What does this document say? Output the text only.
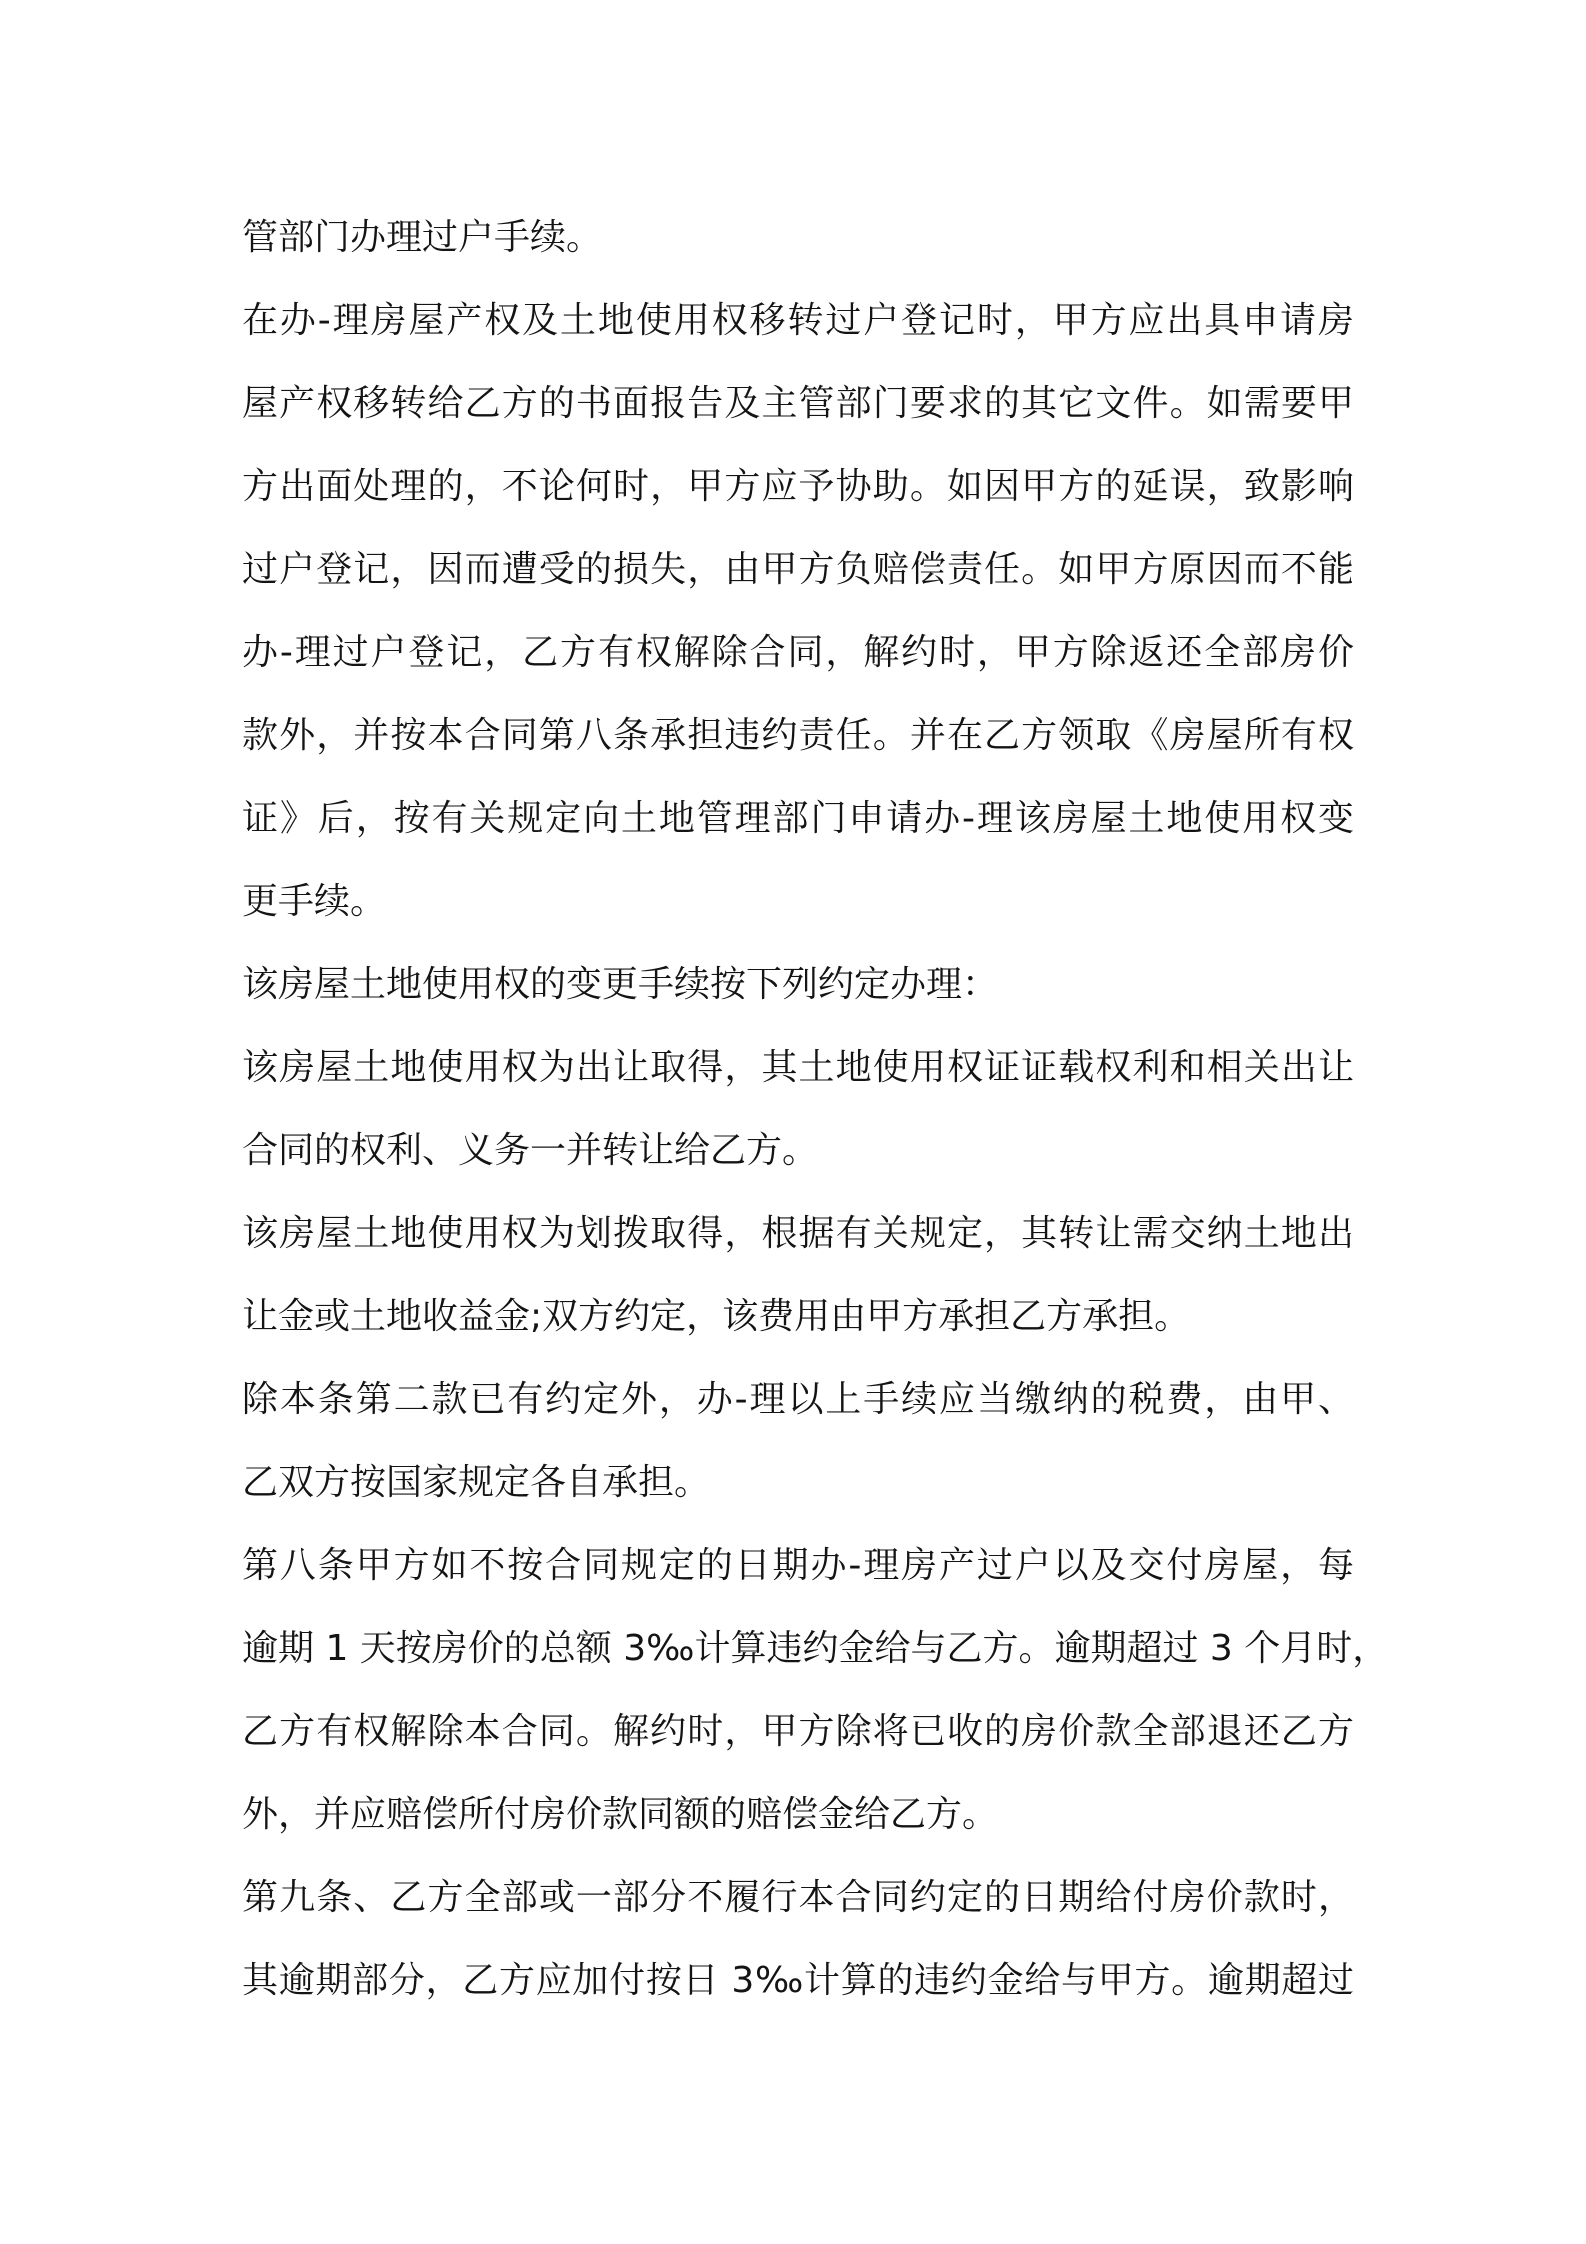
管部门办理过户手续。
在办-理房屋产权及土地使用权移转过户登记时，甲方应出具申请房
屋产权移转给乙方的书面报告及主管部门要求的其它文件。如需要甲
方出面处理的，不论何时，甲方应予协助。如因甲方的延误，致影响
过户登记，因而遭受的损失，由甲方负赔偿责任。如甲方原因而不能
办-理过户登记，乙方有权解除合同，解约时，甲方除返还全部房价
款外，并按本合同第八条承担违约责任。并在乙方领取《房屋所有权
证》后，按有关规定向土地管理部门申请办-理该房屋土地使用权变
更手续。
该房屋土地使用权的变更手续按下列约定办理：
该房屋土地使用权为出让取得，其土地使用权证证载权利和相关出让
合同的权利、义务一并转让给乙方。
该房屋土地使用权为划拨取得，根据有关规定，其转让需交纳土地出
让金或土地收益金;双方约定，该费用由甲方承担乙方承担。
除本条第二款已有约定外，办-理以上手续应当缴纳的税费，由甲、
乙双方按国家规定各自承担。
第八条甲方如不按合同规定的日期办-理房产过户以及交付房屋，每
逾期 1 天按房价的总额 3‰计算违约金给与乙方。逾期超过 3 个月时，
乙方有权解除本合同。解约时，甲方除将已收的房价款全部退还乙方
外，并应赔偿所付房价款同额的赔偿金给乙方。
第九条、乙方全部或一部分不履行本合同约定的日期给付房价款时，
其逾期部分，乙方应加付按日 3‰计算的违约金给与甲方。逾期超过
